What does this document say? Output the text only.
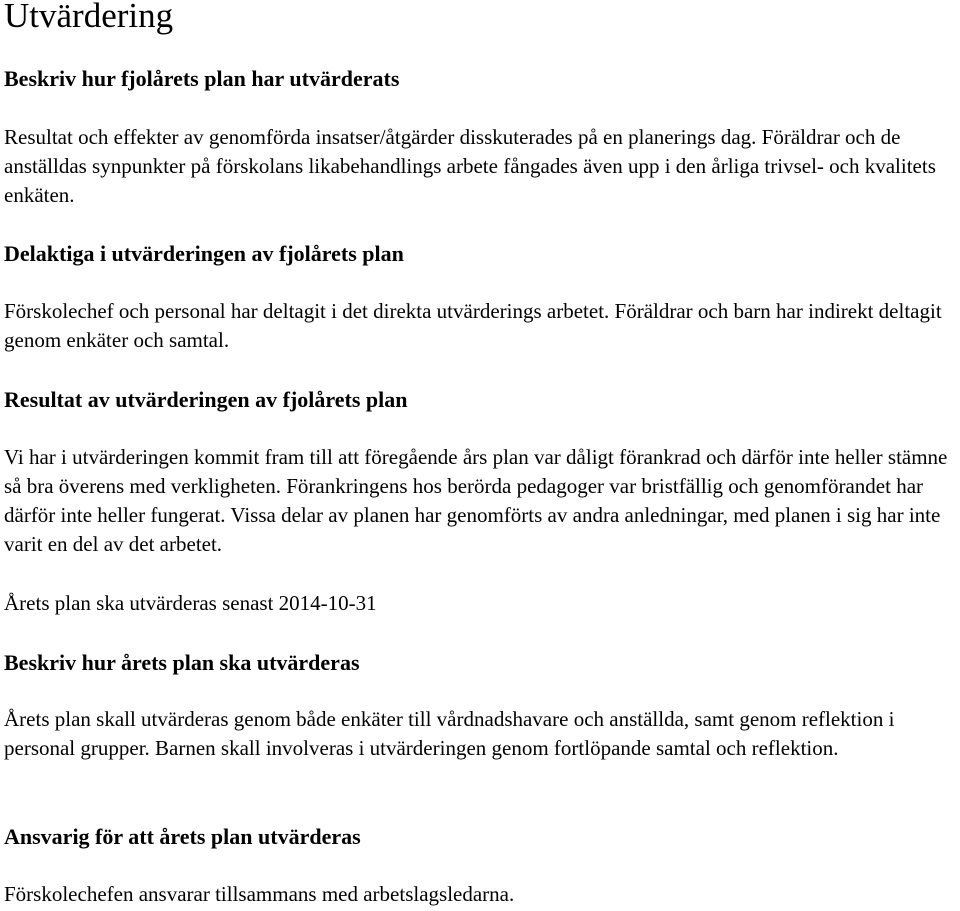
Utvärdering
Beskriv hur fjolårets plan har utvärderats

Resultat och effekter av genomförda insatser/åtgärder disskuterades på en planerings dag. Föräldrar och de anställdas synpunkter på förskolans likabehandlings arbete fångades även upp i den årliga trivsel- och kvalitets enkäten.

Delaktiga i utvärderingen av fjolårets plan

Förskolechef och personal har deltagit i det direkta utvärderings arbetet. Föräldrar och barn har indirekt deltagit genom enkäter och samtal.

Resultat av utvärderingen av fjolårets plan

Vi har i utvärderingen kommit fram till att föregående års plan var dåligt förankrad och därför inte heller stämne så bra överens med verkligheten. Förankringens hos berörda pedagoger var bristfällig och genomförandet har därför inte heller fungerat. Vissa delar av planen har genomförts av andra anledningar, med planen i sig har inte varit en del av det arbetet.

Årets plan ska utvärderas senast 2014-10-31

Beskriv hur årets plan ska utvärderas

Årets plan skall utvärderas genom både enkäter till vårdnadshavare och anställda, samt genom reflektion i personal grupper. Barnen skall involveras i utvärderingen genom fortlöpande samtal och reflektion.

Ansvarig för att årets plan utvärderas

Förskolechefen ansvarar tillsammans med arbetslagsledarna.
